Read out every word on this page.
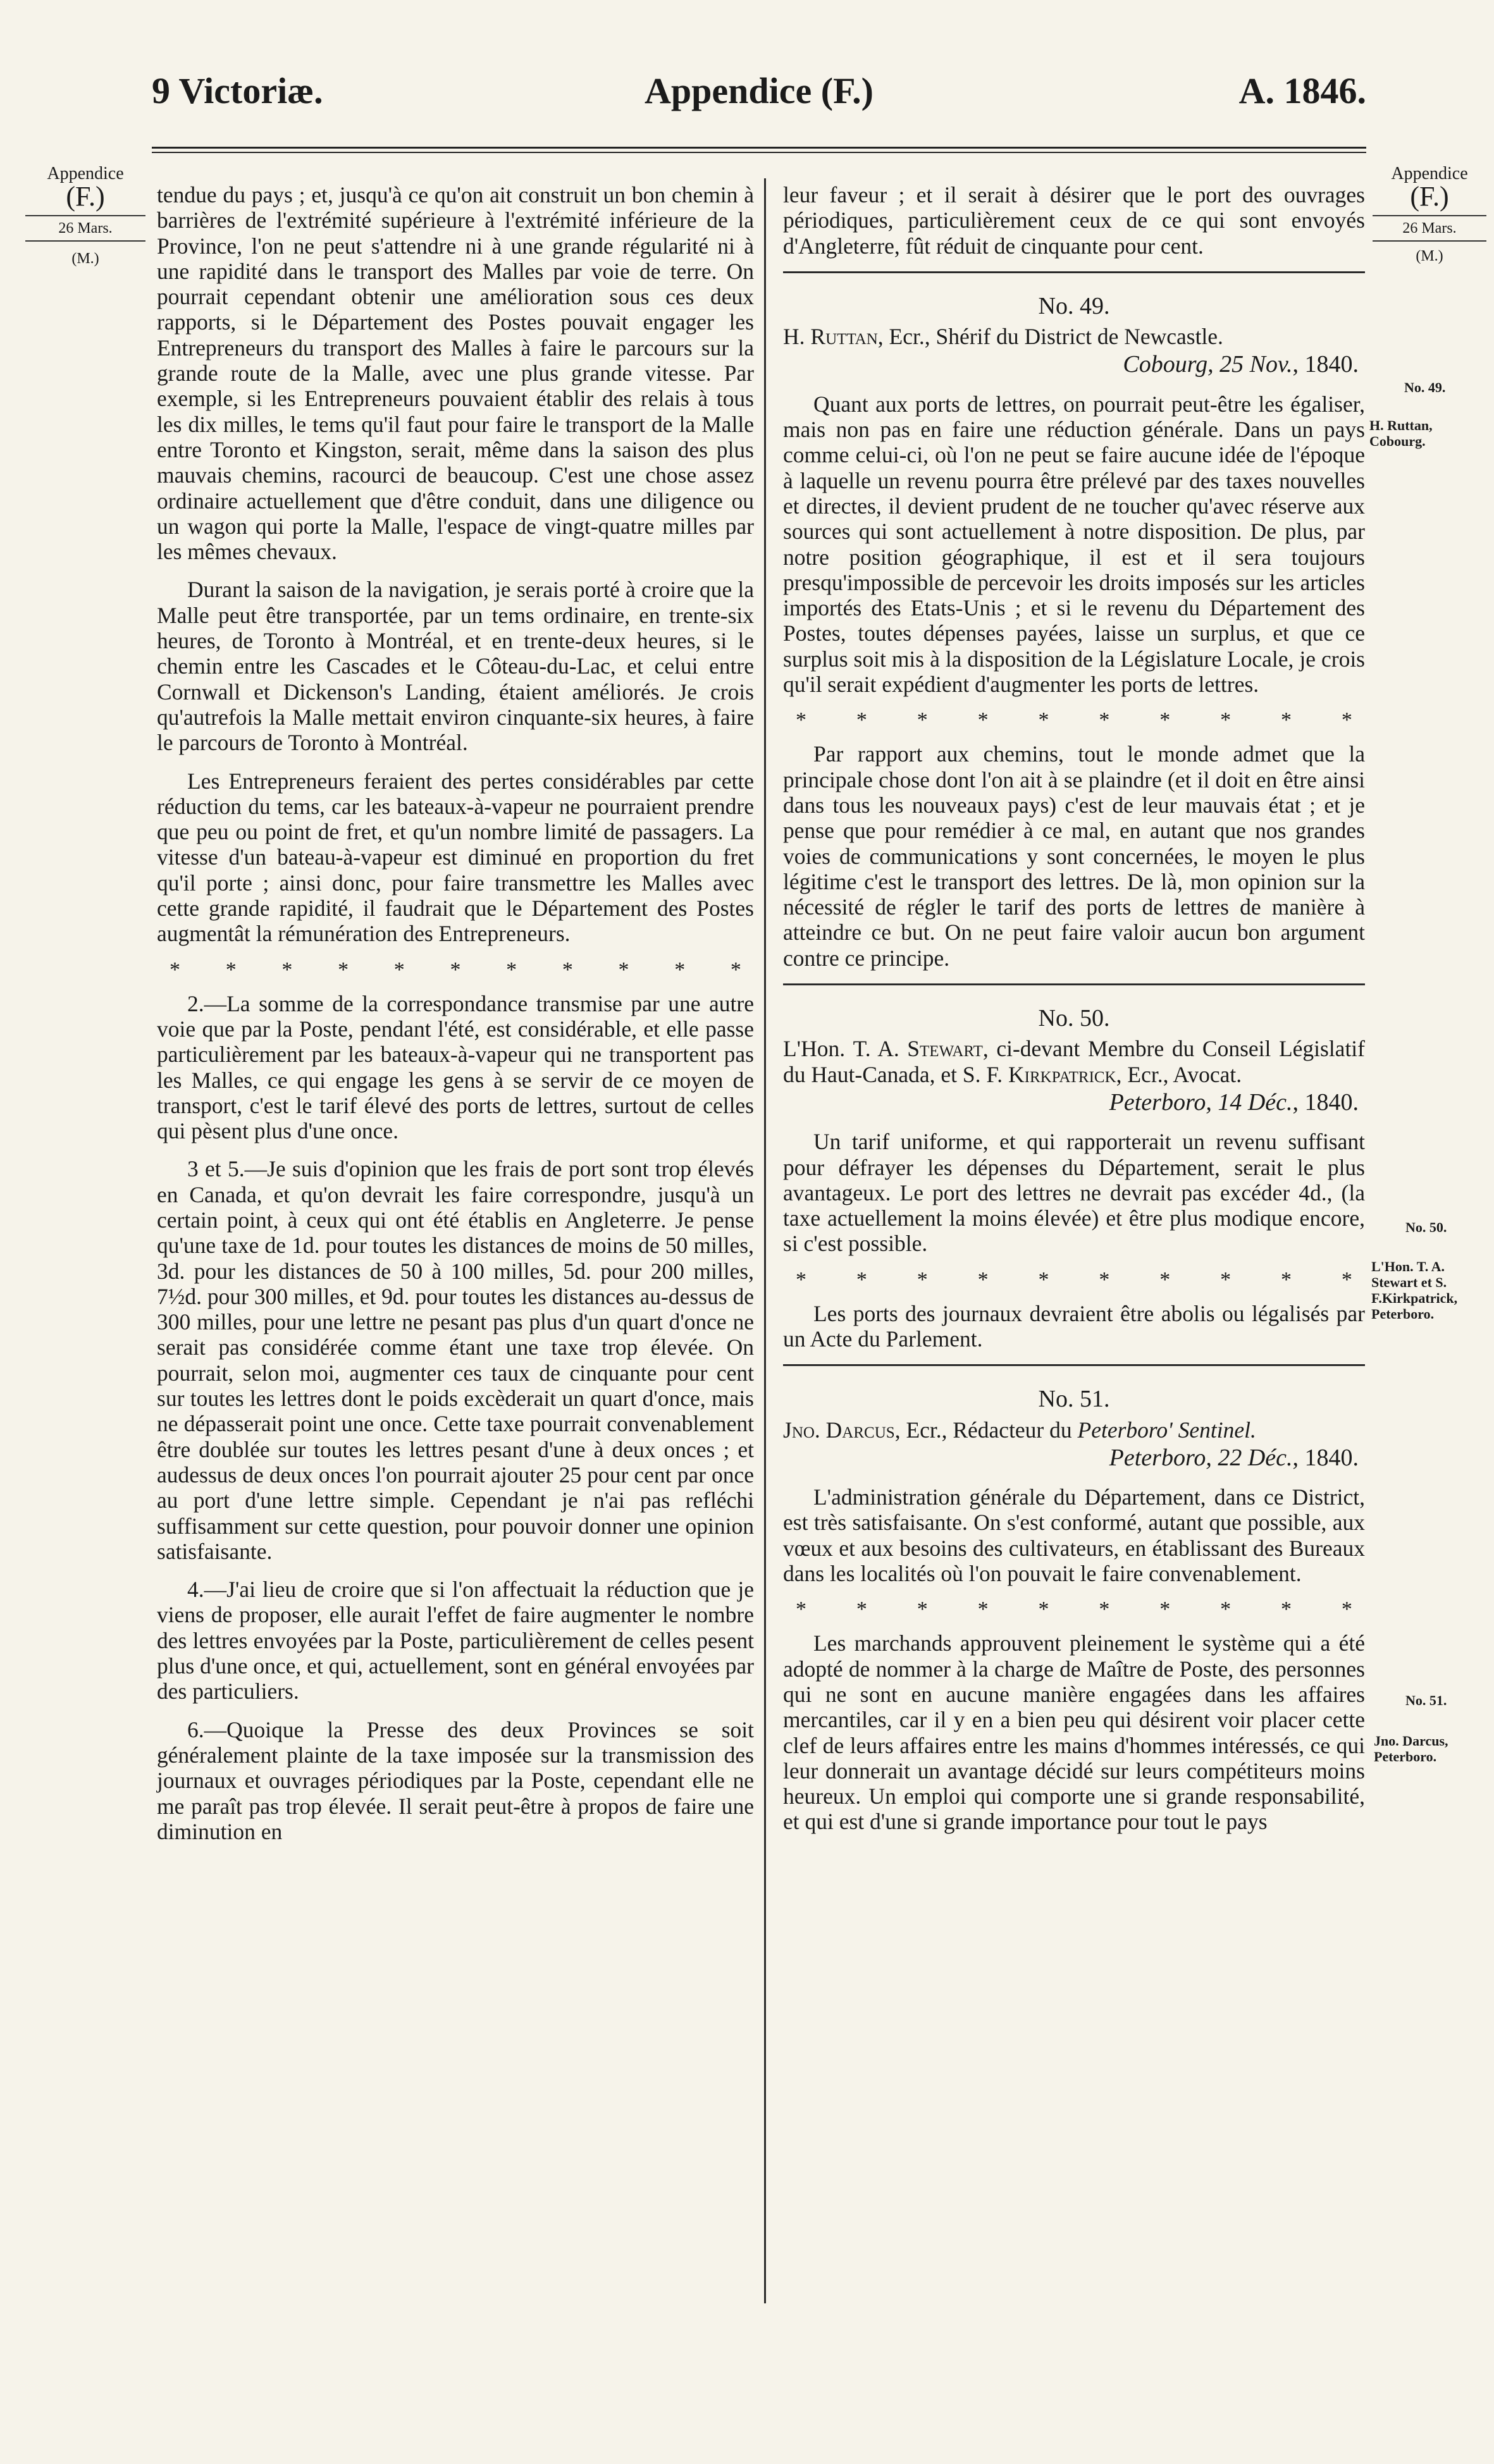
9 Victoriæ.	Appendice (F.)	A. 1846.
Appendice
(F.)
26 Mars.
(M.)
Appendice
(F.)
26 Mars.
(M.)
No. 49.
H. Ruttan, Cobourg.
No. 50.
L'Hon. T. A. Stewart et S. F.Kirkpatrick, Peterboro.
No. 51.
Jno. Darcus, Peterboro.

tendue du pays ; et, jusqu'à ce qu'on ait construit un bon chemin à barrières de l'extrémité supérieure à l'extrémité inférieure de la Province, l'on ne peut s'attendre ni à une grande régularité ni à une rapidité dans le transport des Malles par voie de terre. On pourrait cependant obtenir une amélioration sous ces deux rapports, si le Département des Postes pouvait engager les Entrepreneurs du transport des Malles à faire le parcours sur la grande route de la Malle, avec une plus grande vitesse. Par exemple, si les Entrepreneurs pouvaient établir des relais à tous les dix milles, le tems qu'il faut pour faire le transport de la Malle entre Toronto et Kingston, serait, même dans la saison des plus mauvais chemins, racourci de beaucoup. C'est une chose assez ordinaire actuellement que d'être conduit, dans une diligence ou un wagon qui porte la Malle, l'espace de vingt-quatre milles par les mêmes chevaux.

Durant la saison de la navigation, je serais porté à croire que la Malle peut être transportée, par un tems ordinaire, en trente-six heures, de Toronto à Montréal, et en trente-deux heures, si le chemin entre les Cascades et le Côteau-du-Lac, et celui entre Cornwall et Dickenson's Landing, étaient améliorés. Je crois qu'autrefois la Malle mettait environ cinquante-six heures, à faire le parcours de Toronto à Montréal.

Les Entrepreneurs feraient des pertes considérables par cette réduction du tems, car les bateaux-à-vapeur ne pourraient prendre que peu ou point de fret, et qu'un nombre limité de passagers. La vitesse d'un bateau-à-vapeur est diminué en proportion du fret qu'il porte ; ainsi donc, pour faire transmettre les Malles avec cette grande rapidité, il faudrait que le Département des Postes augmentât la rémunération des Entrepreneurs.

* * * * * * * * * * *

2.—La somme de la correspondance transmise par une autre voie que par la Poste, pendant l'été, est considérable, et elle passe particulièrement par les bateaux-à-vapeur qui ne transportent pas les Malles, ce qui engage les gens à se servir de ce moyen de transport, c'est le tarif élevé des ports de lettres, surtout de celles qui pèsent plus d'une once.

3 et 5.—Je suis d'opinion que les frais de port sont trop élevés en Canada, et qu'on devrait les faire correspondre, jusqu'à un certain point, à ceux qui ont été établis en Angleterre. Je pense qu'une taxe de 1d. pour toutes les distances de moins de 50 milles, 3d. pour les distances de 50 à 100 milles, 5d. pour 200 milles, 7½d. pour 300 milles, et 9d. pour toutes les distances au-dessus de 300 milles, pour une lettre ne pesant pas plus d'un quart d'once ne serait pas considérée comme étant une taxe trop élevée. On pourrait, selon moi, augmenter ces taux de cinquante pour cent sur toutes les lettres dont le poids excèderait un quart d'once, mais ne dépasserait point une once. Cette taxe pourrait convenablement être doublée sur toutes les lettres pesant d'une à deux onces ; et audessus de deux onces l'on pourrait ajouter 25 pour cent par once au port d'une lettre simple. Cependant je n'ai pas refléchi suffisamment sur cette question, pour pouvoir donner une opinion satisfaisante.

4.—J'ai lieu de croire que si l'on affectuait la réduction que je viens de proposer, elle aurait l'effet de faire augmenter le nombre des lettres envoyées par la Poste, particulièrement de celles pesent plus d'une once, et qui, actuellement, sont en général envoyées par des particuliers.

6.—Quoique la Presse des deux Provinces se soit généralement plainte de la taxe imposée sur la transmission des journaux et ouvrages périodiques par la Poste, cependant elle ne me paraît pas trop élevée. Il serait peut-être à propos de faire une diminution en

leur faveur ; et il serait à désirer que le port des ouvrages périodiques, particulièrement ceux de ce qui sont envoyés d'Angleterre, fût réduit de cinquante pour cent.

No. 49.

H. Ruttan, Ecr., Shérif du District de Newcastle.

Cobourg, 25 Nov., 1840.

Quant aux ports de lettres, on pourrait peut-être les égaliser, mais non pas en faire une réduction générale. Dans un pays comme celui-ci, où l'on ne peut se faire aucune idée de l'époque à laquelle un revenu pourra être prélevé par des taxes nouvelles et directes, il devient prudent de ne toucher qu'avec réserve aux sources qui sont actuellement à notre disposition. De plus, par notre position géographique, il est et il sera toujours presqu'impossible de percevoir les droits imposés sur les articles importés des Etats-Unis ; et si le revenu du Département des Postes, toutes dépenses payées, laisse un surplus, et que ce surplus soit mis à la disposition de la Législature Locale, je crois qu'il serait expédient d'augmenter les ports de lettres.

* * * * * * * * * *

Par rapport aux chemins, tout le monde admet que la principale chose dont l'on ait à se plaindre (et il doit en être ainsi dans tous les nouveaux pays) c'est de leur mauvais état ; et je pense que pour remédier à ce mal, en autant que nos grandes voies de communications y sont concernées, le moyen le plus légitime c'est le transport des lettres. De là, mon opinion sur la nécessité de régler le tarif des ports de lettres de manière à atteindre ce but. On ne peut faire valoir aucun bon argument contre ce principe.

No. 50.

L'Hon. T. A. Stewart, ci-devant Membre du Conseil Législatif du Haut-Canada, et S. F. Kirkpatrick, Ecr., Avocat.

Peterboro, 14 Déc., 1840.

Un tarif uniforme, et qui rapporterait un revenu suffisant pour défrayer les dépenses du Département, serait le plus avantageux. Le port des lettres ne devrait pas excéder 4d., (la taxe actuellement la moins élevée) et être plus modique encore, si c'est possible.

* * * * * * * * * *

Les ports des journaux devraient être abolis ou légalisés par un Acte du Parlement.

No. 51.

Jno. Darcus, Ecr., Rédacteur du Peterboro' Sentinel.

Peterboro, 22 Déc., 1840.

L'administration générale du Département, dans ce District, est très satisfaisante. On s'est conformé, autant que possible, aux vœux et aux besoins des cultivateurs, en établissant des Bureaux dans les localités où l'on pouvait le faire convenablement.

* * * * * * * * * *

Les marchands approuvent pleinement le système qui a été adopté de nommer à la charge de Maître de Poste, des personnes qui ne sont en aucune manière engagées dans les affaires mercantiles, car il y en a bien peu qui désirent voir placer cette clef de leurs affaires entre les mains d'hommes intéressés, ce qui leur donnerait un avantage décidé sur leurs compétiteurs moins heureux. Un emploi qui comporte une si grande responsabilité, et qui est d'une si grande importance pour tout le pays
